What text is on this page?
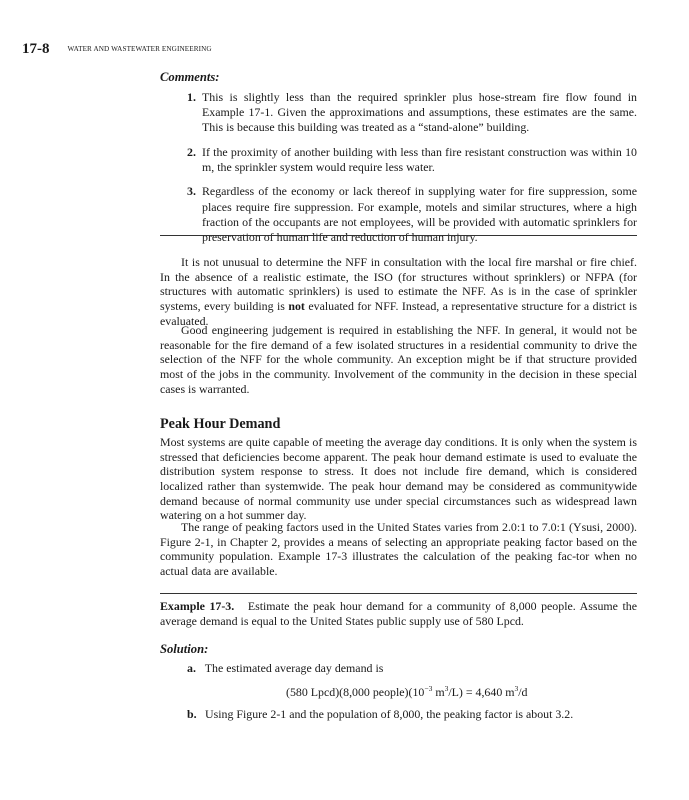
17-8	WATER AND WASTEWATER ENGINEERING
Comments:
1. This is slightly less than the required sprinkler plus hose-stream fire flow found in Example 17-1. Given the approximations and assumptions, these estimates are the same. This is because this building was treated as a “stand-alone” building.
2. If the proximity of another building with less than fire resistant construction was within 10 m, the sprinkler system would require less water.
3. Regardless of the economy or lack thereof in supplying water for fire suppression, some places require fire suppression. For example, motels and similar structures, where a high fraction of the occupants are not employees, will be provided with automatic sprinklers for preservation of human life and reduction of human injury.

It is not unusual to determine the NFF in consultation with the local fire marshal or fire chief. In the absence of a realistic estimate, the ISO (for structures without sprinklers) or NFPA (for structures with automatic sprinklers) is used to estimate the NFF. As is in the case of sprinkler systems, every building is not evaluated for NFF. Instead, a representative structure for a district is evaluated.

Good engineering judgement is required in establishing the NFF. In general, it would not be reasonable for the fire demand of a few isolated structures in a residential community to drive the selection of the NFF for the whole community. An exception might be if that structure provided most of the jobs in the community. Involvement of the community in the decision in these special cases is warranted.

Peak Hour Demand

Most systems are quite capable of meeting the average day conditions. It is only when the system is stressed that deficiencies become apparent. The peak hour demand estimate is used to evaluate the distribution system response to stress. It does not include fire demand, which is considered localized rather than systemwide. The peak hour demand may be considered as communitywide demand because of normal community use under special circumstances such as widespread lawn watering on a hot summer day.

The range of peaking factors used in the United States varies from 2.0:1 to 7.0:1 (Ysusi, 2000). Figure 2-1, in Chapter 2, provides a means of selecting an appropriate peaking factor based on the community population. Example 17-3 illustrates the calculation of the peaking fac-tor when no actual data are available.

Example 17-3. Estimate the peak hour demand for a community of 8,000 people. Assume the average demand is equal to the United States public supply use of 580 Lpcd.

Solution:
a. The estimated average day demand is
(580 Lpcd)(8,000 $people)(10^{-3}$ $m^3/L) = 4,640$ $m^3/d$
b. Using Figure 2-1 and the population of 8,000, the peaking factor is about 3.2.
